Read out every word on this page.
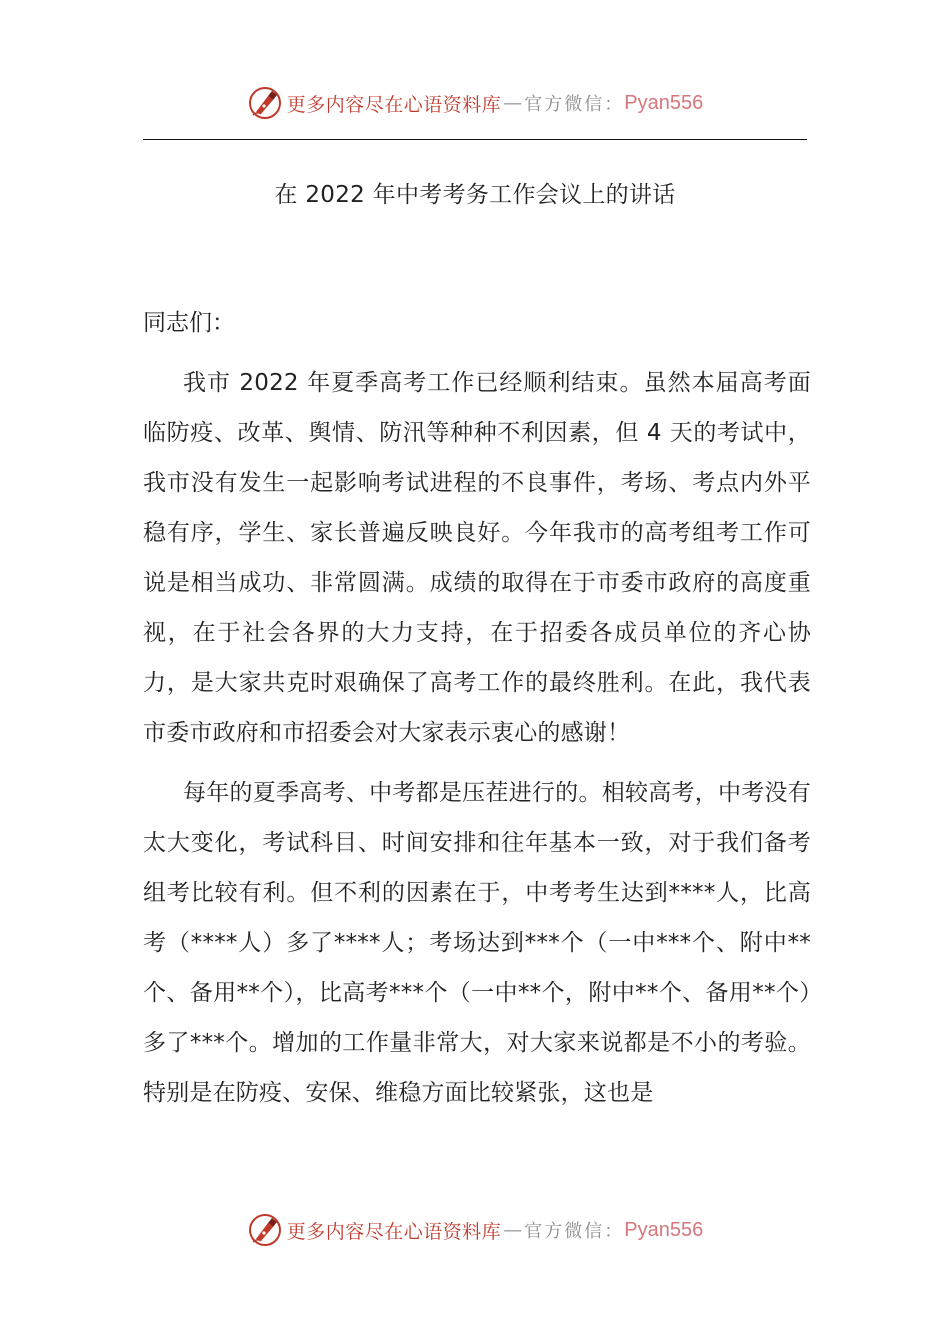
更多内容尽在心语资料库 — 官方微信： Pyan556
在 2022 年中考考务工作会议上的讲话

同志们：

我市 2022 年夏季高考工作已经顺利结束。虽然本届高考面临防疫、改革、舆情、防汛等种种不利因素，但 4 天的考试中，我市没有发生一起影响考试进程的不良事件，考场、考点内外平稳有序，学生、家长普遍反映良好。今年我市的高考组考工作可说是相当成功、非常圆满。成绩的取得在于市委市政府的高度重视，在于社会各界的大力支持，在于招委各成员单位的齐心协力，是大家共克时艰确保了高考工作的最终胜利。在此，我代表市委市政府和市招委会对大家表示衷心的感谢！

每年的夏季高考、中考都是压茬进行的。相较高考，中考没有太大变化，考试科目、时间安排和往年基本一致，对于我们备考组考比较有利。但不利的因素在于，中考考生达到****人，比高考（****人）多了****人；考场达到***个（一中***个、附中**个、备用**个），比高考***个（一中**个，附中**个、备用**个）多了***个。增加的工作量非常大，对大家来说都是不小的考验。特别是在防疫、安保、维稳方面比较紧张，这也是

更多内容尽在心语资料库 — 官方微信： Pyan556
